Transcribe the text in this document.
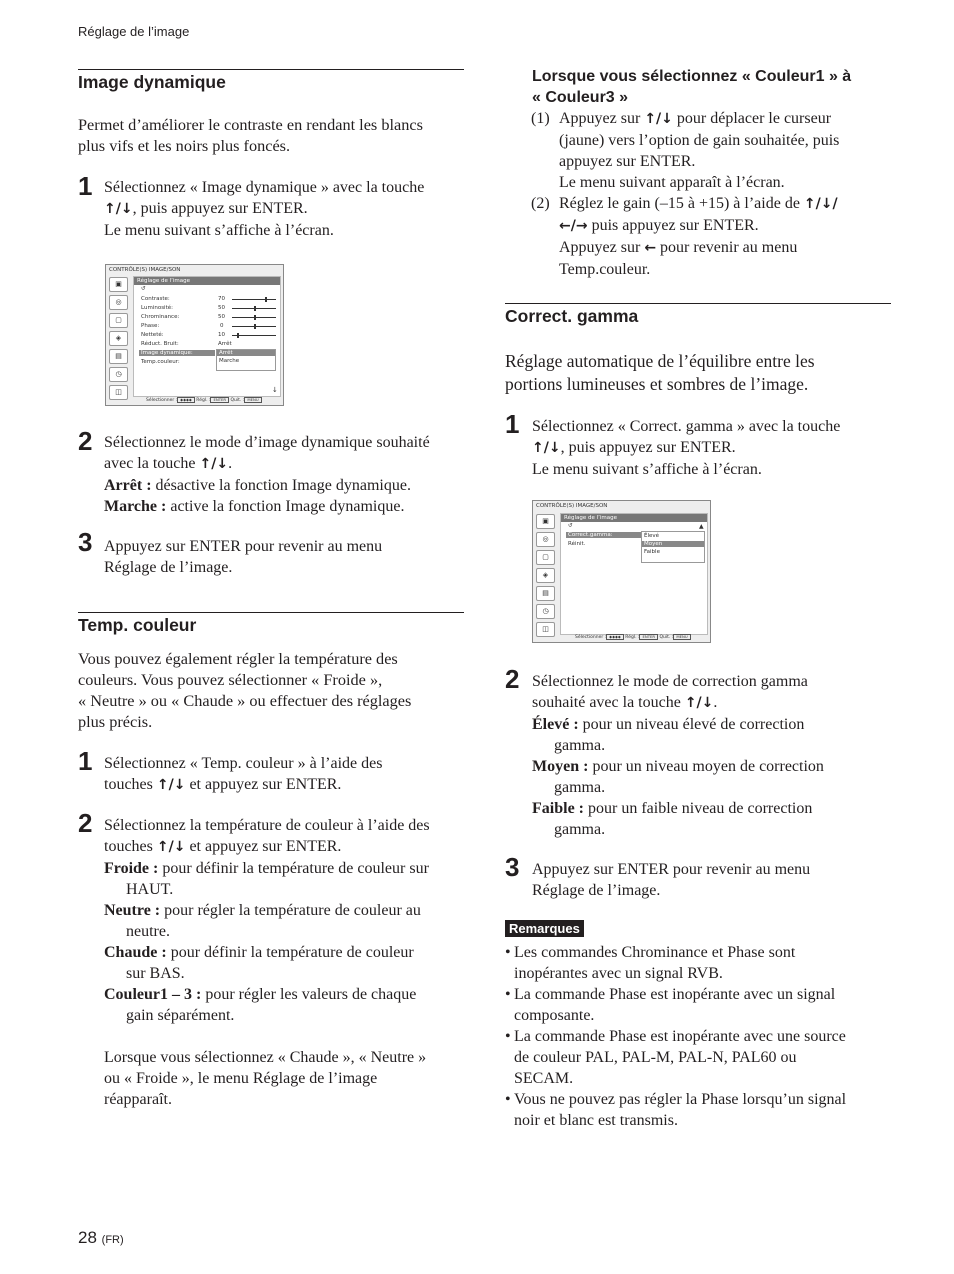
Réglage de l’image
Image dynamique
Permet d’améliorer le contraste en rendant les blancs
plus vifs et les noirs plus foncés.
1 Sélectionnez « Image dynamique » avec la touche
↑/↓, puis appuyez sur ENTER.
Le menu suivant s’affiche à l’écran.
CONTRÔLE(S) IMAGE/SON
▣
◎
▢
◈
▤
◷
◫
Réglage de l’image
↺
Contraste:	70
Luminosité:	50
Chrominance:	50
Phase:	0
Netteté:	10
Réduct. Bruit:	Arrêt
Image dynamique:
Temp.couleur:
Arrêt
Marche
↓
Sélectionner : ◆◆◆◆ Régl. : ENTER Quit. : MENU
2 Sélectionnez le mode d’image dynamique souhaité
avec la touche ↑/↓.
Arrêt : désactive la fonction Image dynamique.
Marche : active la fonction Image dynamique.
3 Appuyez sur ENTER pour revenir au menu
Réglage de l’image.
Temp. couleur
Vous pouvez également régler la température des
couleurs. Vous pouvez sélectionner « Froide »,
« Neutre » ou « Chaude » ou effectuer des réglages
plus précis.
1 Sélectionnez « Temp. couleur » à l’aide des
touches ↑/↓ et appuyez sur ENTER.
2 Sélectionnez la température de couleur à l’aide des
touches ↑/↓ et appuyez sur ENTER.
Froide : pour définir la température de couleur sur
HAUT.
Neutre : pour régler la température de couleur au
neutre.
Chaude : pour définir la température de couleur
sur BAS.
Couleur1 – 3 : pour régler les valeurs de chaque
gain séparément.
Lorsque vous sélectionnez « Chaude », « Neutre »
ou « Froide », le menu Réglage de l’image
réapparaît.
Lorsque vous sélectionnez « Couleur1 » à
« Couleur3 »
(1) Appuyez sur ↑/↓ pour déplacer le curseur
(jaune) vers l’option de gain souhaitée, puis
appuyez sur ENTER.
Le menu suivant apparaît à l’écran.
(2) Réglez le gain (–15 à +15) à l’aide de ↑/↓/
←/→ puis appuyez sur ENTER.
Appuyez sur ← pour revenir au menu
Temp.couleur.
Correct. gamma
Réglage automatique de l’équilibre entre les
portions lumineuses et sombres de l’image.
1 Sélectionnez « Correct. gamma » avec la touche
↑/↓, puis appuyez sur ENTER.
Le menu suivant s’affiche à l’écran.
CONTRÔLE(S) IMAGE/SON
▣
◎
▢
◈
▤
◷
◫
Réglage de l’image
↺	▲
Correct.gamma:
Réinit.
Élevé
Moyen
Faible
Sélectionner : ◆◆◆◆ Régl. : ENTER Quit. : MENU
2 Sélectionnez le mode de correction gamma
souhaité avec la touche ↑/↓.
Élevé : pour un niveau élevé de correction
gamma.
Moyen : pour un niveau moyen de correction
gamma.
Faible : pour un faible niveau de correction
gamma.
3 Appuyez sur ENTER pour revenir au menu
Réglage de l’image.
Remarques
• Les commandes Chrominance et Phase sont
inopérantes avec un signal RVB.
• La commande Phase est inopérante avec un signal
composante.
• La commande Phase est inopérante avec une source
de couleur PAL, PAL-M, PAL-N, PAL60 ou
SECAM.
• Vous ne pouvez pas régler la Phase lorsqu’un signal
noir et blanc est transmis.
28 (FR)
